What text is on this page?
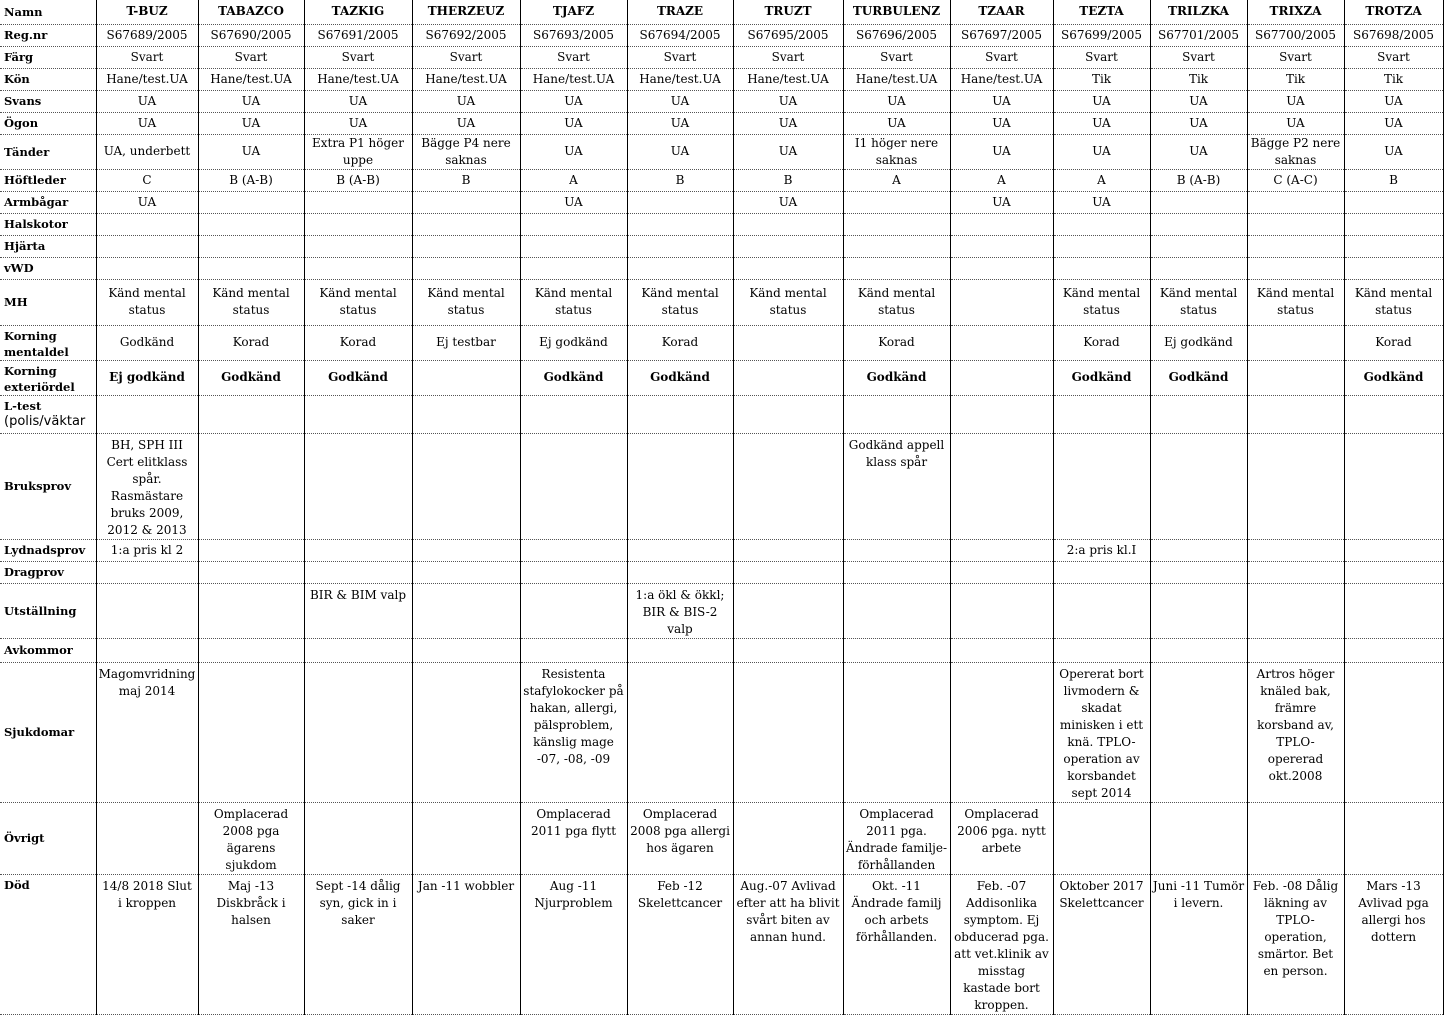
Namn	T-BUZ	TABAZCO	TAZKIG	THERZEUZ	TJAFZ	TRAZE	TRUZT	TURBULENZ	TZAAR	TEZTA	TRILZKA	TRIXZA	TROTZA
Reg.nr	S67689/2005	S67690/2005	S67691/2005	S67692/2005	S67693/2005	S67694/2005	S67695/2005	S67696/2005	S67697/2005	S67699/2005	S67701/2005	S67700/2005	S67698/2005
Färg	Svart	Svart	Svart	Svart	Svart	Svart	Svart	Svart	Svart	Svart	Svart	Svart	Svart
Kön	Hane/test.UA	Hane/test.UA	Hane/test.UA	Hane/test.UA	Hane/test.UA	Hane/test.UA	Hane/test.UA	Hane/test.UA	Hane/test.UA	Tik	Tik	Tik	Tik
Svans	UA	UA	UA	UA	UA	UA	UA	UA	UA	UA	UA	UA	UA
Ögon	UA	UA	UA	UA	UA	UA	UA	UA	UA	UA	UA	UA	UA
Tänder	UA, underbett	UA	Extra P1 höger uppe	Bägge P4 nere saknas	UA	UA	UA	I1 höger nere saknas	UA	UA	UA	Bägge P2 nere saknas	UA
Höftleder	C	B (A-B)	B (A-B)	B	A	B	B	A	A	A	B (A-B)	C (A-C)	B
Armbågar	UA				UA		UA		UA	UA			
Halskotor													
Hjärta													
vWD													
MH	Känd mental status	Känd mental status	Känd mental status	Känd mental status	Känd mental status	Känd mental status	Känd mental status	Känd mental status		Känd mental status	Känd mental status	Känd mental status	Känd mental status
Korning mentaldel	Godkänd	Korad	Korad	Ej testbar	Ej godkänd	Korad		Korad		Korad	Ej godkänd		Korad
Korning exteriördel	Ej godkänd	Godkänd	Godkänd		Godkänd	Godkänd		Godkänd		Godkänd	Godkänd		Godkänd
L-test
(polis/väktar													

Bruksprov	BH, SPH III Cert elitklass spår. Rasmästare bruks 2009, 2012 & 2013							Godkänd appell klass spår					
Lydnadsprov	1:a pris kl 2									2:a pris kl.I			
Dragprov													
Utställning			BIR & BIM valp			1:a ökl & ökkl; BIR & BIS-2 valp							
Avkommor													
Sjukdomar	Magomvridning maj 2014				Resistenta stafylokocker på hakan, allergi, pälsproblem, känslig mage -07, -08, -09					Opererat bort livmodern & skadat minisken i ett knä. TPLO-operation av korsbandet sept 2014		Artros höger knäled bak, främre korsband av, TPLO-opererad okt.2008	
Övrigt		Omplacerad 2008 pga ägarens sjukdom			Omplacerad 2011 pga flytt	Omplacerad 2008 pga allergi hos ägaren		Omplacerad 2011 pga. Ändrade familje-förhållanden	Omplacerad 2006 pga. nytt arbete				
Död	14/8 2018 Slut i kroppen	Maj -13 Diskbråck i halsen	Sept -14 dålig syn, gick in i saker	Jan -11 wobbler	Aug -11 Njurproblem	Feb -12 Skelettcancer	Aug.-07 Avlivad efter att ha blivit svårt biten av annan hund.	Okt. -11 Ändrade familj och arbets förhållanden.	Feb. -07 Addisonlika symptom. Ej obducerad pga. att vet.klinik av misstag kastade bort kroppen.	Oktober 2017 Skelettcancer	Juni -11 Tumör i levern.	Feb. -08 Dålig läkning av TPLO-operation, smärtor. Bet en person.	Mars -13 Avlivad pga allergi hos dottern
